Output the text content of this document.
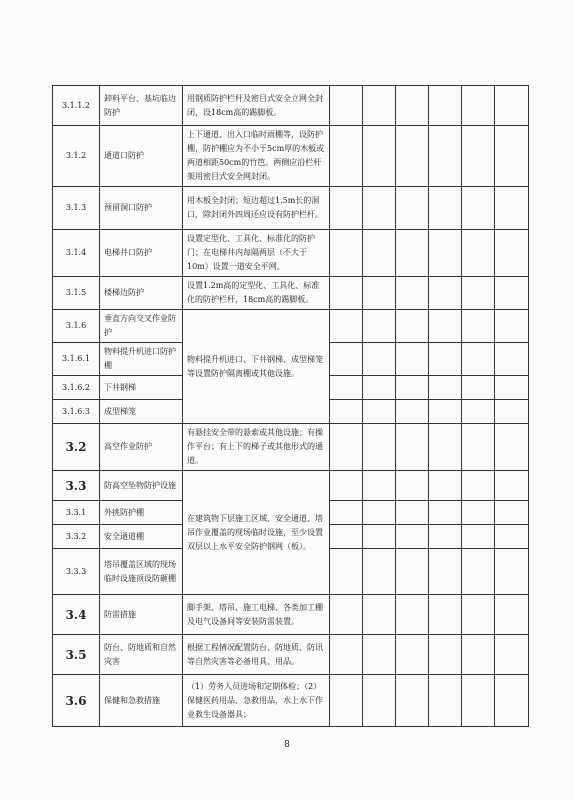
3.1.1.2	卸料平台、基坑临边防护	用钢质防护栏杆及密目式安全立网全封闭，设18cm高的踢脚板。						
3.1.2	通道口防护	上下通道、出入口临时雨棚等，设防护棚，防护棚应为不小于5cm厚的木板或两道相距50cm的竹笆。两侧应沿栏杆架用密目式安全网封闭。						
3.1.3	预留洞口防护	用木板全封闭；短边超过1.5m长的洞口，除封闭外四周还应设有防护栏杆。						
3.1.4	电梯井口防护	设置定型化、工具化、标准化的防护门；在电梯井内每隔两层（不大于10m）设置一道安全平网。						
3.1.5	楼梯边防护	设置1.2m高的定型化、工具化、标准化的防护栏杆，18cm高的踢脚板。						
3.1.6	垂直方向交叉作业防护	物料提升机进口、下井钢梯、成型梯笼等设置防护隔离棚或其他设施。						
3.1.6.1	物料提升机进口防护棚							
3.1.6.2	下井钢梯							
3.1.6.3	成型梯笼							
3.2	高空作业防护	有悬挂安全带的悬索或其他设施；有操作平台；有上下的梯子或其他形式的通道。						
3.3	防高空坠物防护设施	在建筑物下层施工区域、安全通道、塔吊作业覆盖的现场临时设施，至少设置双层以上水平安全防护钢网（板）。						
3.3.1	外挑防护棚							
3.3.2	安全通道棚							
3.3.3	塔吊覆盖区域的现场临时设施顶设防砸棚							
3.4	防雷措施	脚手架、塔吊、施工电梯、各类加工棚及电气设备间等安装防雷装置。						
3.5	防台、防地质和自然灾害	根据工程情况配置防台、防地质、防讯等自然灾害等必备用具、用品。						
3.6	保健和急救措施	（1）劳务人员进场和定期体检；（2）保健医药用品、急救用品，水上水下作业救生设备器具；						
8
